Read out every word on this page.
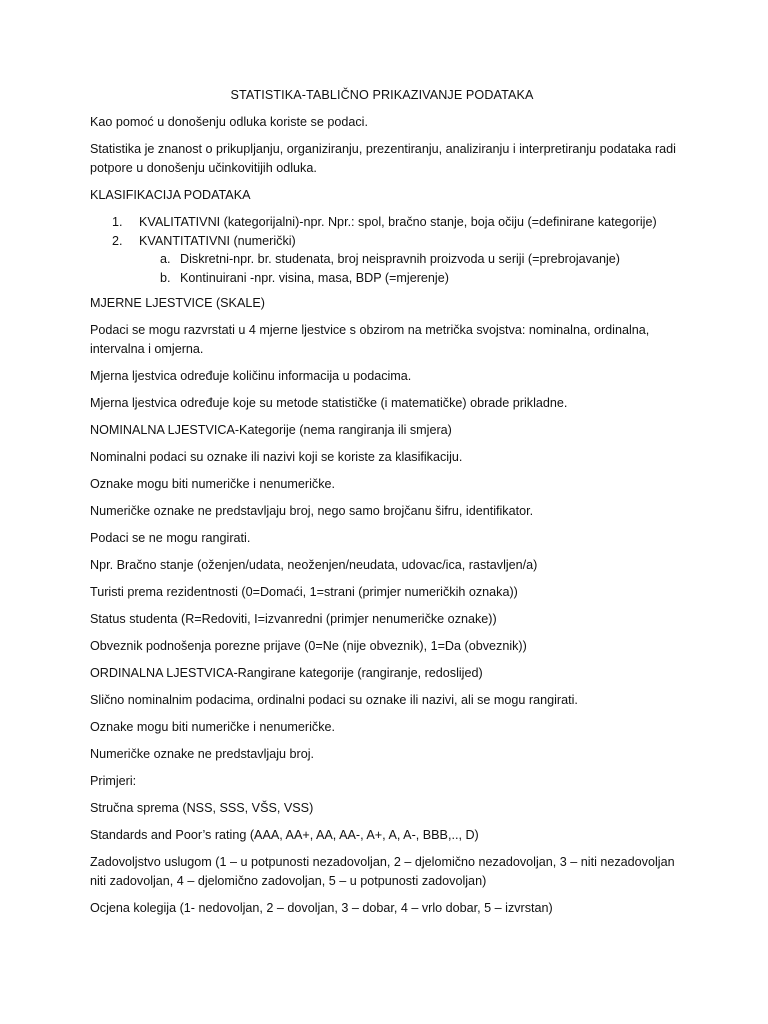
STATISTIKA-TABLIČNO PRIKAZIVANJE PODATAKA

Kao pomoć u donošenju odluka koriste se podaci.

Statistika je znanost o prikupljanju, organiziranju, prezentiranju, analiziranju i interpretiranju podataka radi potpore u donošenju učinkovitijih odluka.

KLASIFIKACIJA PODATAKA

1. KVALITATIVNI (kategorijalni)-npr. Npr.: spol, bračno stanje, boja očiju (=definirane kategorije)
2. KVANTITATIVNI (numerički)
a. Diskretni-npr. br. studenata, broj neispravnih proizvoda u seriji (=prebrojavanje)
b. Kontinuirani -npr. visina, masa, BDP (=mjerenje)

MJERNE LJESTVICE (SKALE)

Podaci se mogu razvrstati u 4 mjerne ljestvice s obzirom na metrička svojstva: nominalna, ordinalna, intervalna i omjerna.

Mjerna ljestvica određuje količinu informacija u podacima.

Mjerna ljestvica određuje koje su metode statističke (i matematičke) obrade prikladne.

NOMINALNA LJESTVICA-Kategorije (nema rangiranja ili smjera)

Nominalni podaci su oznake ili nazivi koji se koriste za klasifikaciju.

Oznake mogu biti numeričke i nenumeričke.

Numeričke oznake ne predstavljaju broj, nego samo brojčanu šifru, identifikator.

Podaci se ne mogu rangirati.

Npr. Bračno stanje (oženjen/udata, neoženjen/neudata, udovac/ica, rastavljen/a)

Turisti prema rezidentnosti (0=Domaći, 1=strani (primjer numeričkih oznaka))

Status studenta (R=Redoviti, I=izvanredni (primjer nenumeričke oznake))

Obveznik podnošenja porezne prijave (0=Ne (nije obveznik), 1=Da (obveznik))

ORDINALNA LJESTVICA-Rangirane kategorije (rangiranje, redoslijed)

Slično nominalnim podacima, ordinalni podaci su oznake ili nazivi, ali se mogu rangirati.

Oznake mogu biti numeričke i nenumeričke.

Numeričke oznake ne predstavljaju broj.

Primjeri:

Stručna sprema (NSS, SSS, VŠS, VSS)

Standards and Poor’s rating (AAA, AA+, AA, AA-, A+, A, A-, BBB,.., D)

Zadovoljstvo uslugom (1 – u potpunosti nezadovoljan, 2 – djelomično nezadovoljan, 3 – niti nezadovoljan niti zadovoljan, 4 – djelomično zadovoljan, 5 – u potpunosti zadovoljan)

Ocjena kolegija (1- nedovoljan, 2 – dovoljan, 3 – dobar, 4 – vrlo dobar, 5 – izvrstan)
